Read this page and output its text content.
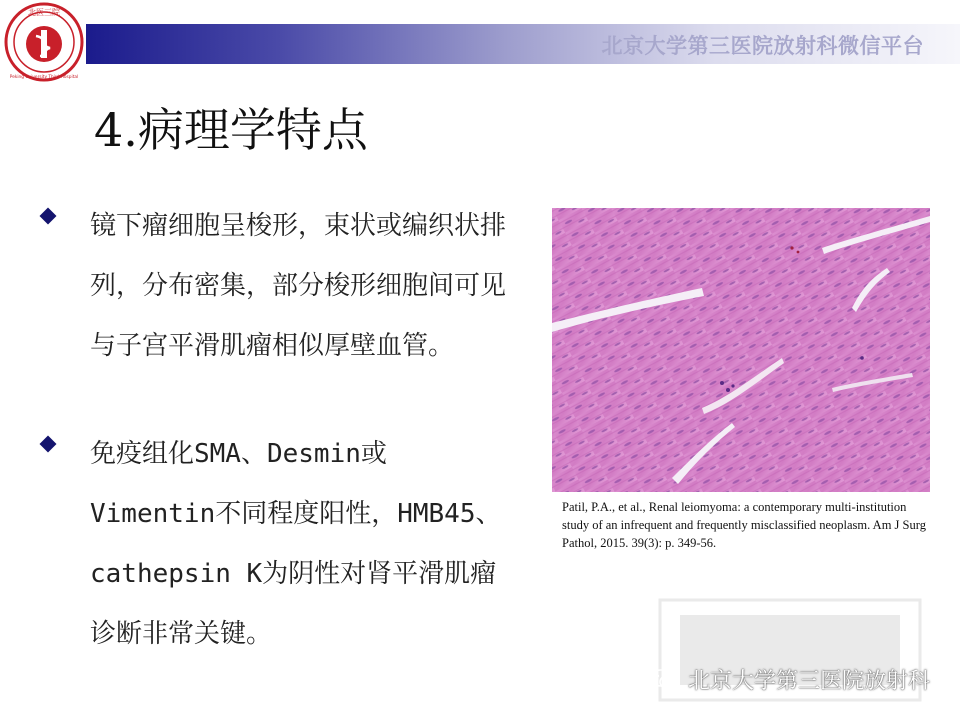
北京大学第三医院放射科微信平台
北医三院
Peking University Third Hospital
4.病理学特点
镜下瘤细胞呈梭形，束状或编织状排列，分布密集，部分梭形细胞间可见与子宫平滑肌瘤相似厚壁血管。
免疫组化SMA、Desmin或Vimentin不同程度阳性，HMB45、cathepsin K为阴性对肾平滑肌瘤诊断非常关键。
Patil, P.A., et al., Renal leiomyoma: a contemporary multi-institution study of an infrequent and frequently misclassified neoplasm. Am J Surg Pathol, 2015. 39(3): p. 349-56.
北京大学第三医院放射科
